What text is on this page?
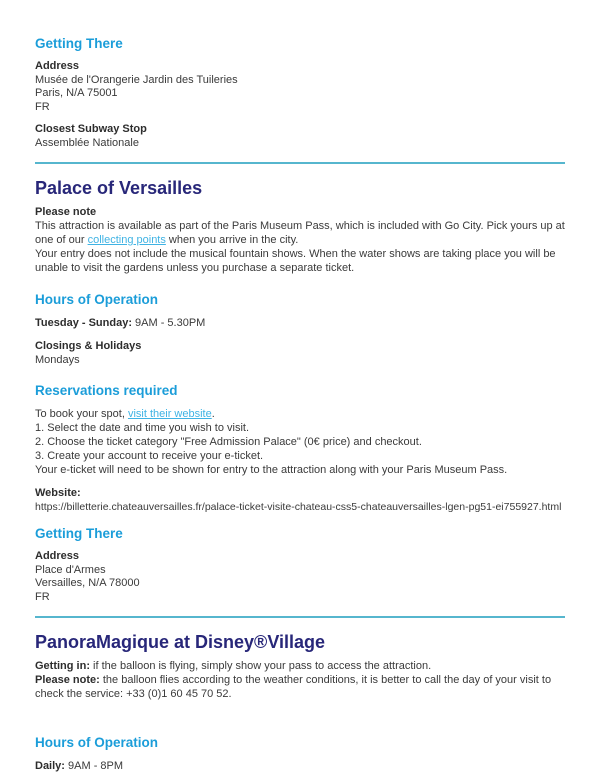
Getting There

Address

Musée de l'Orangerie Jardin des Tuileries

Paris, N/A 75001

FR

Closest Subway Stop

Assemblée Nationale

Palace of Versailles

Please note

This attraction is available as part of the Paris Museum Pass, which is included with Go City. Pick yours up at one of our collecting points when you arrive in the city.

Your entry does not include the musical fountain shows. When the water shows are taking place you will be unable to visit the gardens unless you purchase a separate ticket.

Hours of Operation

Tuesday - Sunday: 9AM - 5.30PM

Closings & Holidays

Mondays

Reservations required

To book your spot, visit their website.

1. Select the date and time you wish to visit.

2. Choose the ticket category "Free Admission Palace" (0€ price) and checkout.

3. Create your account to receive your e-ticket.

Your e-ticket will need to be shown for entry to the attraction along with your Paris Museum Pass.

Website:

https://billetterie.chateauversailles.fr/palace-ticket-visite-chateau-css5-chateauversailles-lgen-pg51-ei755927.html

Getting There

Address

Place d'Armes

Versailles, N/A 78000

FR

PanoraMagique at Disney®Village

Getting in: if the balloon is flying, simply show your pass to access the attraction.

Please note: the balloon flies according to the weather conditions, it is better to call the day of your visit to check the service: +33 (0)1 60 45 70 52.

Hours of Operation

Daily: 9AM - 8PM
